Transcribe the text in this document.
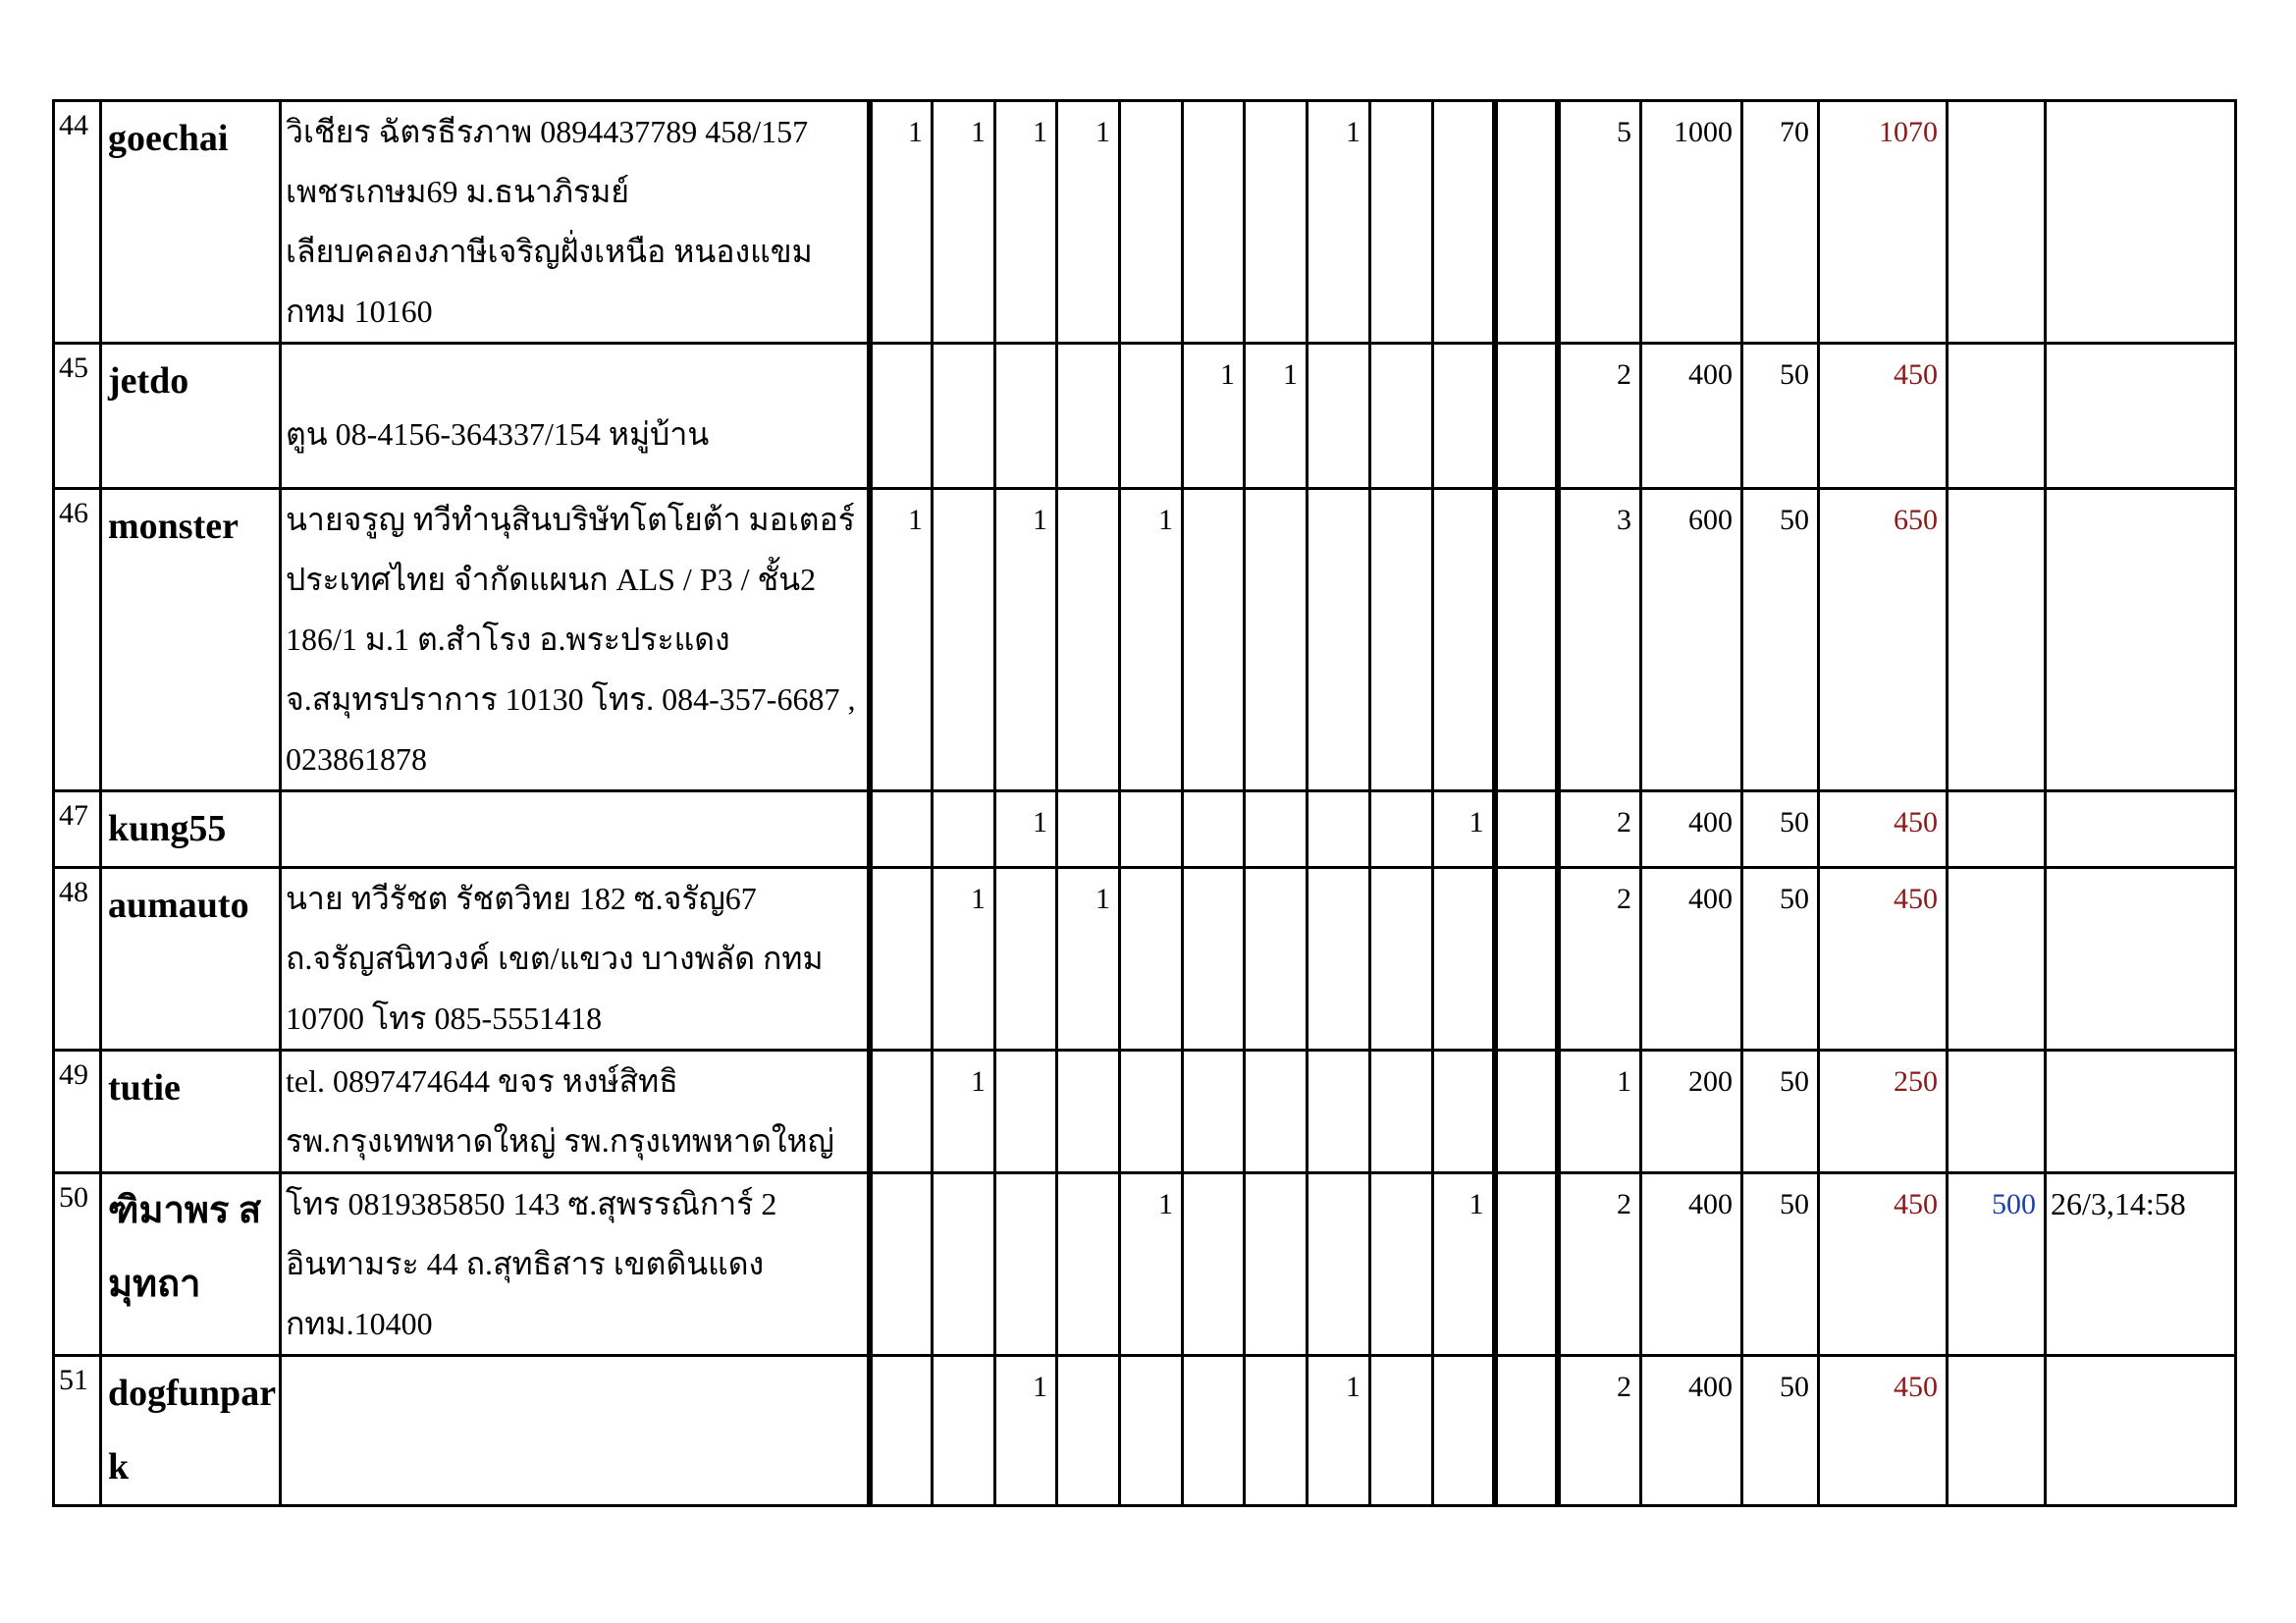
44	goechai	วิเชียร ฉัตรธีรภาพ 0894437789 458/157
เพชรเกษม69 ม.ธนาภิรมย์
เลียบคลองภาษีเจริญฝั่งเหนือ หนองแขม
กทม 10160	1	1	1	1				1				5	1000	70	1070		
45	jetdo	
ตูน 08-4156-364337/154 หมู่บ้าน						1	1					2	400	50	450		
46	monster	นายจรูญ ทวีทำนุสินบริษัทโตโยต้า มอเตอร์
ประเทศไทย จำกัดแผนก ALS / P3 / ชั้น2
186/1 ม.1 ต.สำโรง อ.พระประแดง
จ.สมุทรปราการ 10130 โทร. 084-357-6687 ,
023861878	1		1		1							3	600	50	650		
47	kung55				1							1		2	400	50	450		
48	aumauto	นาย ทวีรัชต รัชตวิทย 182 ซ.จรัญ67
ถ.จรัญสนิทวงค์ เขต/แขวง บางพลัด กทม
10700 โทร 085-5551418		1		1								2	400	50	450		
49	tutie	tel. 0897474644 ขจร หงษ์สิทธิ
รพ.กรุงเทพหาดใหญ่ รพ.กรุงเทพหาดใหญ่		1										1	200	50	250		
50	ฑิมาพร สมุทถา	โทร 0819385850 143 ซ.สุพรรณิการ์ 2
อินทามระ 44 ถ.สุทธิสาร เขตดินแดง
กทม.10400					1					1		2	400	50	450	500	26/3,14:58
51	dogfunpark				1					1				2	400	50	450		
